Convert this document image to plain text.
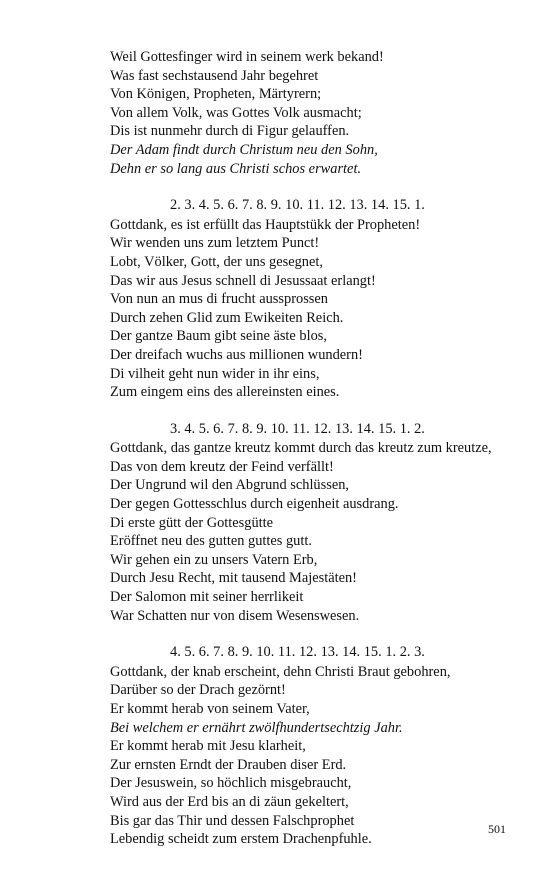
Weil Gottesfinger wird in seinem werk bekand!
Was fast sechstausend Jahr begehret
Von Königen, Propheten, Märtyrern;
Von allem Volk, was Gottes Volk ausmacht;
Dis ist nunmehr durch di Figur gelauffen.
Der Adam findt durch Christum neu den Sohn,
Dehn er so lang aus Christi schos erwartet.
2. 3. 4. 5. 6. 7. 8. 9. 10. 11. 12. 13. 14. 15. 1.
Gottdank, es ist erfüllt das Hauptstükk der Propheten!
Wir wenden uns zum letztem Punct!
Lobt, Völker, Gott, der uns gesegnet,
Das wir aus Jesus schnell di Jesussaat erlangt!
Von nun an mus di frucht aussprossen
Durch zehen Glid zum Ewikeiten Reich.
Der gantze Baum gibt seine äste blos,
Der dreifach wuchs aus millionen wundern!
Di vilheit geht nun wider in ihr eins,
Zum eingem eins des allereinsten eines.
3. 4. 5. 6. 7. 8. 9. 10. 11. 12. 13. 14. 15. 1. 2.
Gottdank, das gantze kreutz kommt durch das kreutz zum kreutze,
Das von dem kreutz der Feind verfällt!
Der Ungrund wil den Abgrund schlüssen,
Der gegen Gottesschlus durch eigenheit ausdrang.
Di erste gütt der Gottesgütte
Eröffnet neu des gutten guttes gutt.
Wir gehen ein zu unsers Vatern Erb,
Durch Jesu Recht, mit tausend Majestäten!
Der Salomon mit seiner herrlikeit
War Schatten nur von disem Wesenswesen.
4. 5. 6. 7. 8. 9. 10. 11. 12. 13. 14. 15. 1. 2. 3.
Gottdank, der knab erscheint, dehn Christi Braut gebohren,
Darüber so der Drach gezörnt!
Er kommt herab von seinem Vater,
Bei welchem er ernährt zwölfhundertsechtzig Jahr.
Er kommt herab mit Jesu klarheit,
Zur ernsten Erndt der Drauben diser Erd.
Der Jesuswein, so höchlich misgebraucht,
Wird aus der Erd bis an di zäun gekeltert,
Bis gar das Thir und dessen Falschprophet
Lebendig scheidt zum erstem Drachenpfuhle.
501
